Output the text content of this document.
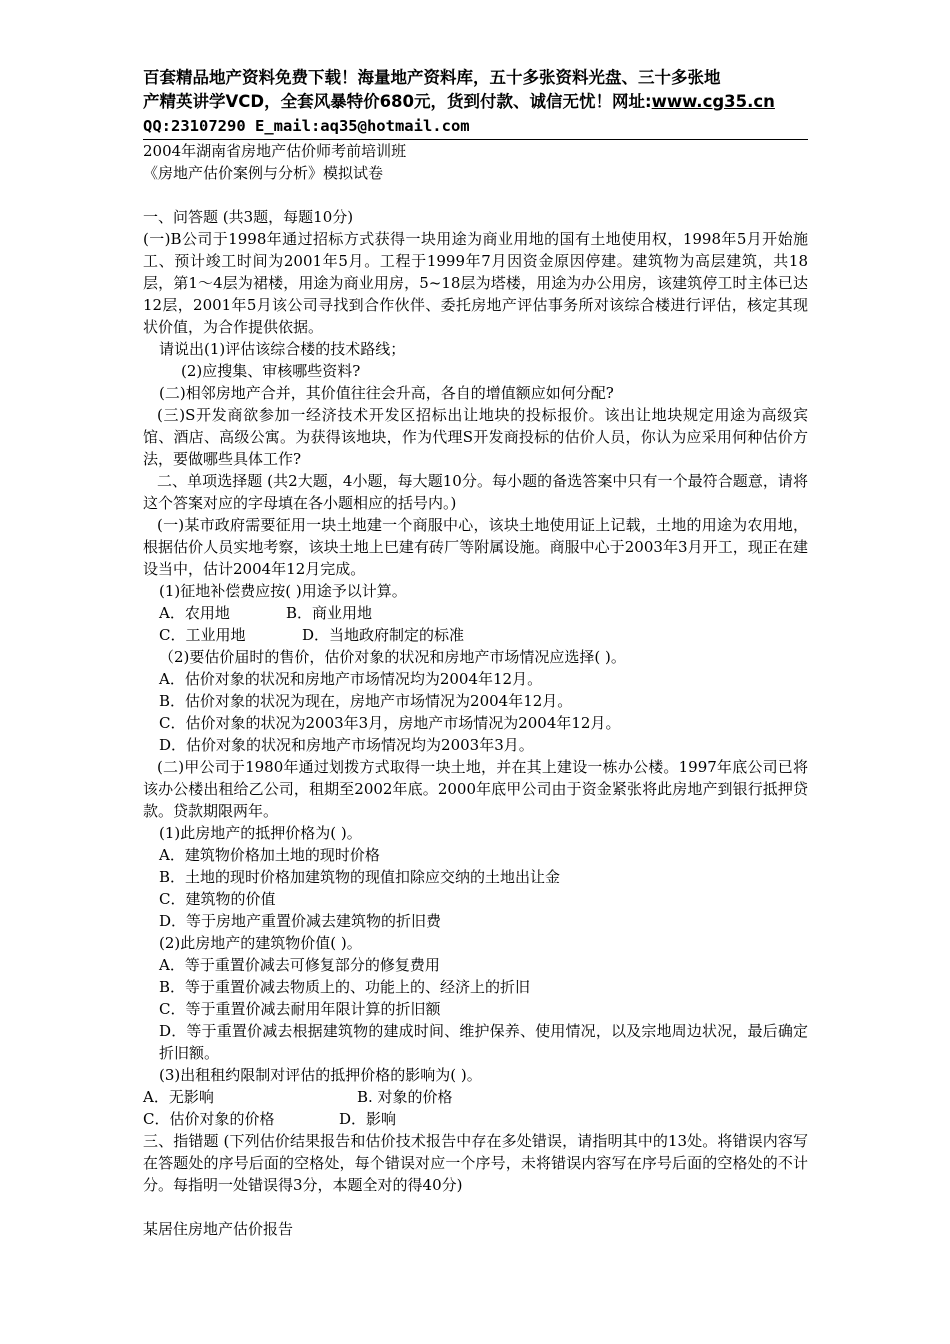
百套精品地产资料免费下载！海量地产资料库，五十多张资料光盘、三十多张地
产精英讲学VCD，全套风暴特价680元，货到付款、诚信无忧！网址:www.cg35.cn
QQ:23107290 E_mail:aq35@hotmail.com
2004年湖南省房地产估价师考前培训班
《房地产估价案例与分析》模拟试卷
一、问答题 (共3题，每题10分)
(一)B公司于1998年通过招标方式获得一块用途为商业用地的国有土地使用权，1998年5月开始施工、预计竣工时间为2001年5月。工程于1999年7月因资金原因停建。建筑物为高层建筑，共18层，第1～4层为裙楼，用途为商业用房，5~18层为塔楼，用途为办公用房，该建筑停工时主体已达12层，2001年5月该公司寻找到合作伙伴、委托房地产评估事务所对该综合楼进行评估，核定其现状价值，为合作提供依据。
请说出(1)评估该综合楼的技术路线；
(2)应搜集、审核哪些资料?
(二)相邻房地产合并，其价值往往会升高，各自的增值额应如何分配?
(三)S开发商欲参加一经济技术开发区招标出让地块的投标报价。该出让地块规定用途为高级宾馆、酒店、高级公寓。为获得该地块，作为代理S开发商投标的估价人员，你认为应采用何种估价方法，要做哪些具体工作?
二、单项选择题 (共2大题，4小题，每大题10分。每小题的备选答案中只有一个最符合题意，请将这个答案对应的字母填在各小题相应的括号内。)
(一)某市政府需要征用一块土地建一个商服中心，该块土地使用证上记载，土地的用途为农用地，根据估价人员实地考察，该块土地上巳建有砖厂等附属设施。商服中心于2003年3月开工，现正在建设当中，估计2004年12月完成。
(1)征地补偿费应按( )用途予以计算。
A．农用地	B．商业用地
C．工业用地	D．当地政府制定的标准
（2)要估价届时的售价，估价对象的状况和房地产市场情况应选择( )。
A．估价对象的状况和房地产市场情况均为2004年12月。
B．估价对象的状况为现在，房地产市场情况为2004年12月。
C．估价对象的状况为2003年3月，房地产市场情况为2004年12月。
D．估价对象的状况和房地产市场情况均为2003年3月。
(二)甲公司于1980年通过划拨方式取得一块土地，并在其上建设一栋办公楼。1997年底公司已将该办公楼出租给乙公司，租期至2002年底。2000年底甲公司由于资金紧张将此房地产到银行抵押贷款。贷款期限两年。
(1)此房地产的抵押价格为( )。
A．建筑物价格加土地的现时价格
B．土地的现时价格加建筑物的现值扣除应交纳的土地出让金
C．建筑物的价值
D．等于房地产重置价减去建筑物的折旧费
(2)此房地产的建筑物价值( )。
A．等于重置价减去可修复部分的修复费用
B．等于重置价减去物质上的、功能上的、经济上的折旧
C．等于重置价减去耐用年限计算的折旧额
D．等于重置价减去根据建筑物的建成时间、维护保养、使用情况，以及宗地周边状况，最后确定折旧额。
(3)出租租约限制对评估的抵押价格的影响为( )。
A．无影响	B. 对象的价格
C．估价对象的价格	D．影响
三、指错题 (下列估价结果报告和估价技术报告中存在多处错误，请指明其中的13处。将错误内容写在答题处的序号后面的空格处，每个错误对应一个序号，未将错误内容写在序号后面的空格处的不计分。每指明一处错误得3分，本题全对的得40分)
某居住房地产估价报告
